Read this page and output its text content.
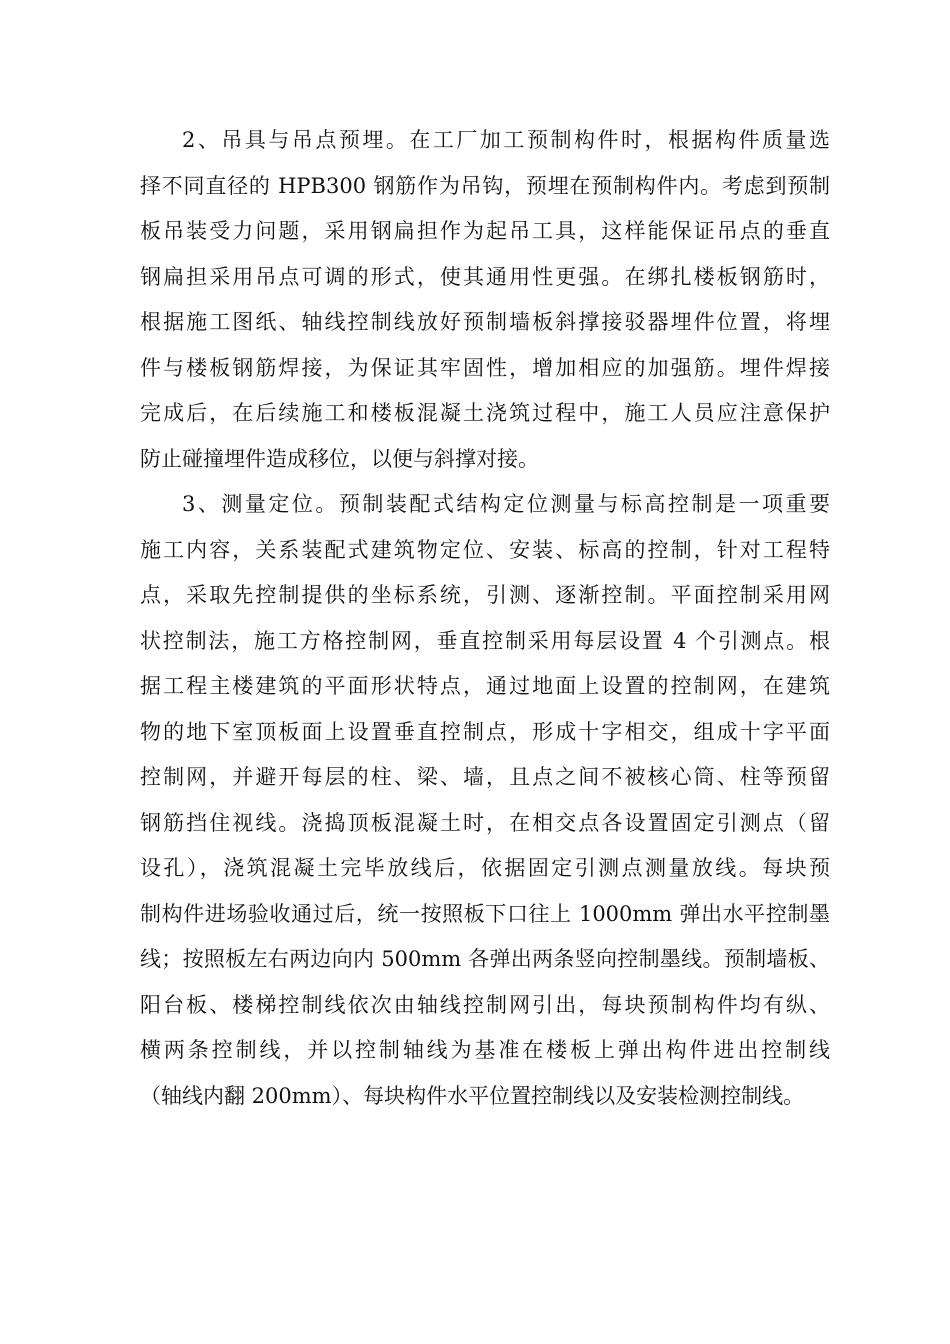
2、吊具与吊点预埋。在工厂加工预制构件时，根据构件质量选
择不同直径的 HPB300 钢筋作为吊钩，预埋在预制构件内。考虑到预制
板吊装受力问题，采用钢扁担作为起吊工具，这样能保证吊点的垂直
钢扁担采用吊点可调的形式，使其通用性更强。在绑扎楼板钢筋时，
根据施工图纸、轴线控制线放好预制墙板斜撑接驳器埋件位置，将埋
件与楼板钢筋焊接，为保证其牢固性，增加相应的加强筋。埋件焊接
完成后，在后续施工和楼板混凝土浇筑过程中，施工人员应注意保护
防止碰撞埋件造成移位，以便与斜撑对接。
3、测量定位。预制装配式结构定位测量与标高控制是一项重要
施工内容，关系装配式建筑物定位、安装、标高的控制，针对工程特
点，采取先控制提供的坐标系统，引测、逐渐控制。平面控制采用网
状控制法，施工方格控制网，垂直控制采用每层设置 4 个引测点。根
据工程主楼建筑的平面形状特点，通过地面上设置的控制网，在建筑
物的地下室顶板面上设置垂直控制点，形成十字相交，组成十字平面
控制网，并避开每层的柱、梁、墙，且点之间不被核心筒、柱等预留
钢筋挡住视线。浇捣顶板混凝土时，在相交点各设置固定引测点（留
设孔），浇筑混凝土完毕放线后，依据固定引测点测量放线。每块预
制构件进场验收通过后，统一按照板下口往上 1000mm 弹出水平控制墨
线；按照板左右两边向内 500mm 各弹出两条竖向控制墨线。预制墙板、
阳台板、楼梯控制线依次由轴线控制网引出，每块预制构件均有纵、
横两条控制线，并以控制轴线为基准在楼板上弹出构件进出控制线
（轴线内翻 200mm）、每块构件水平位置控制线以及安装检测控制线。
